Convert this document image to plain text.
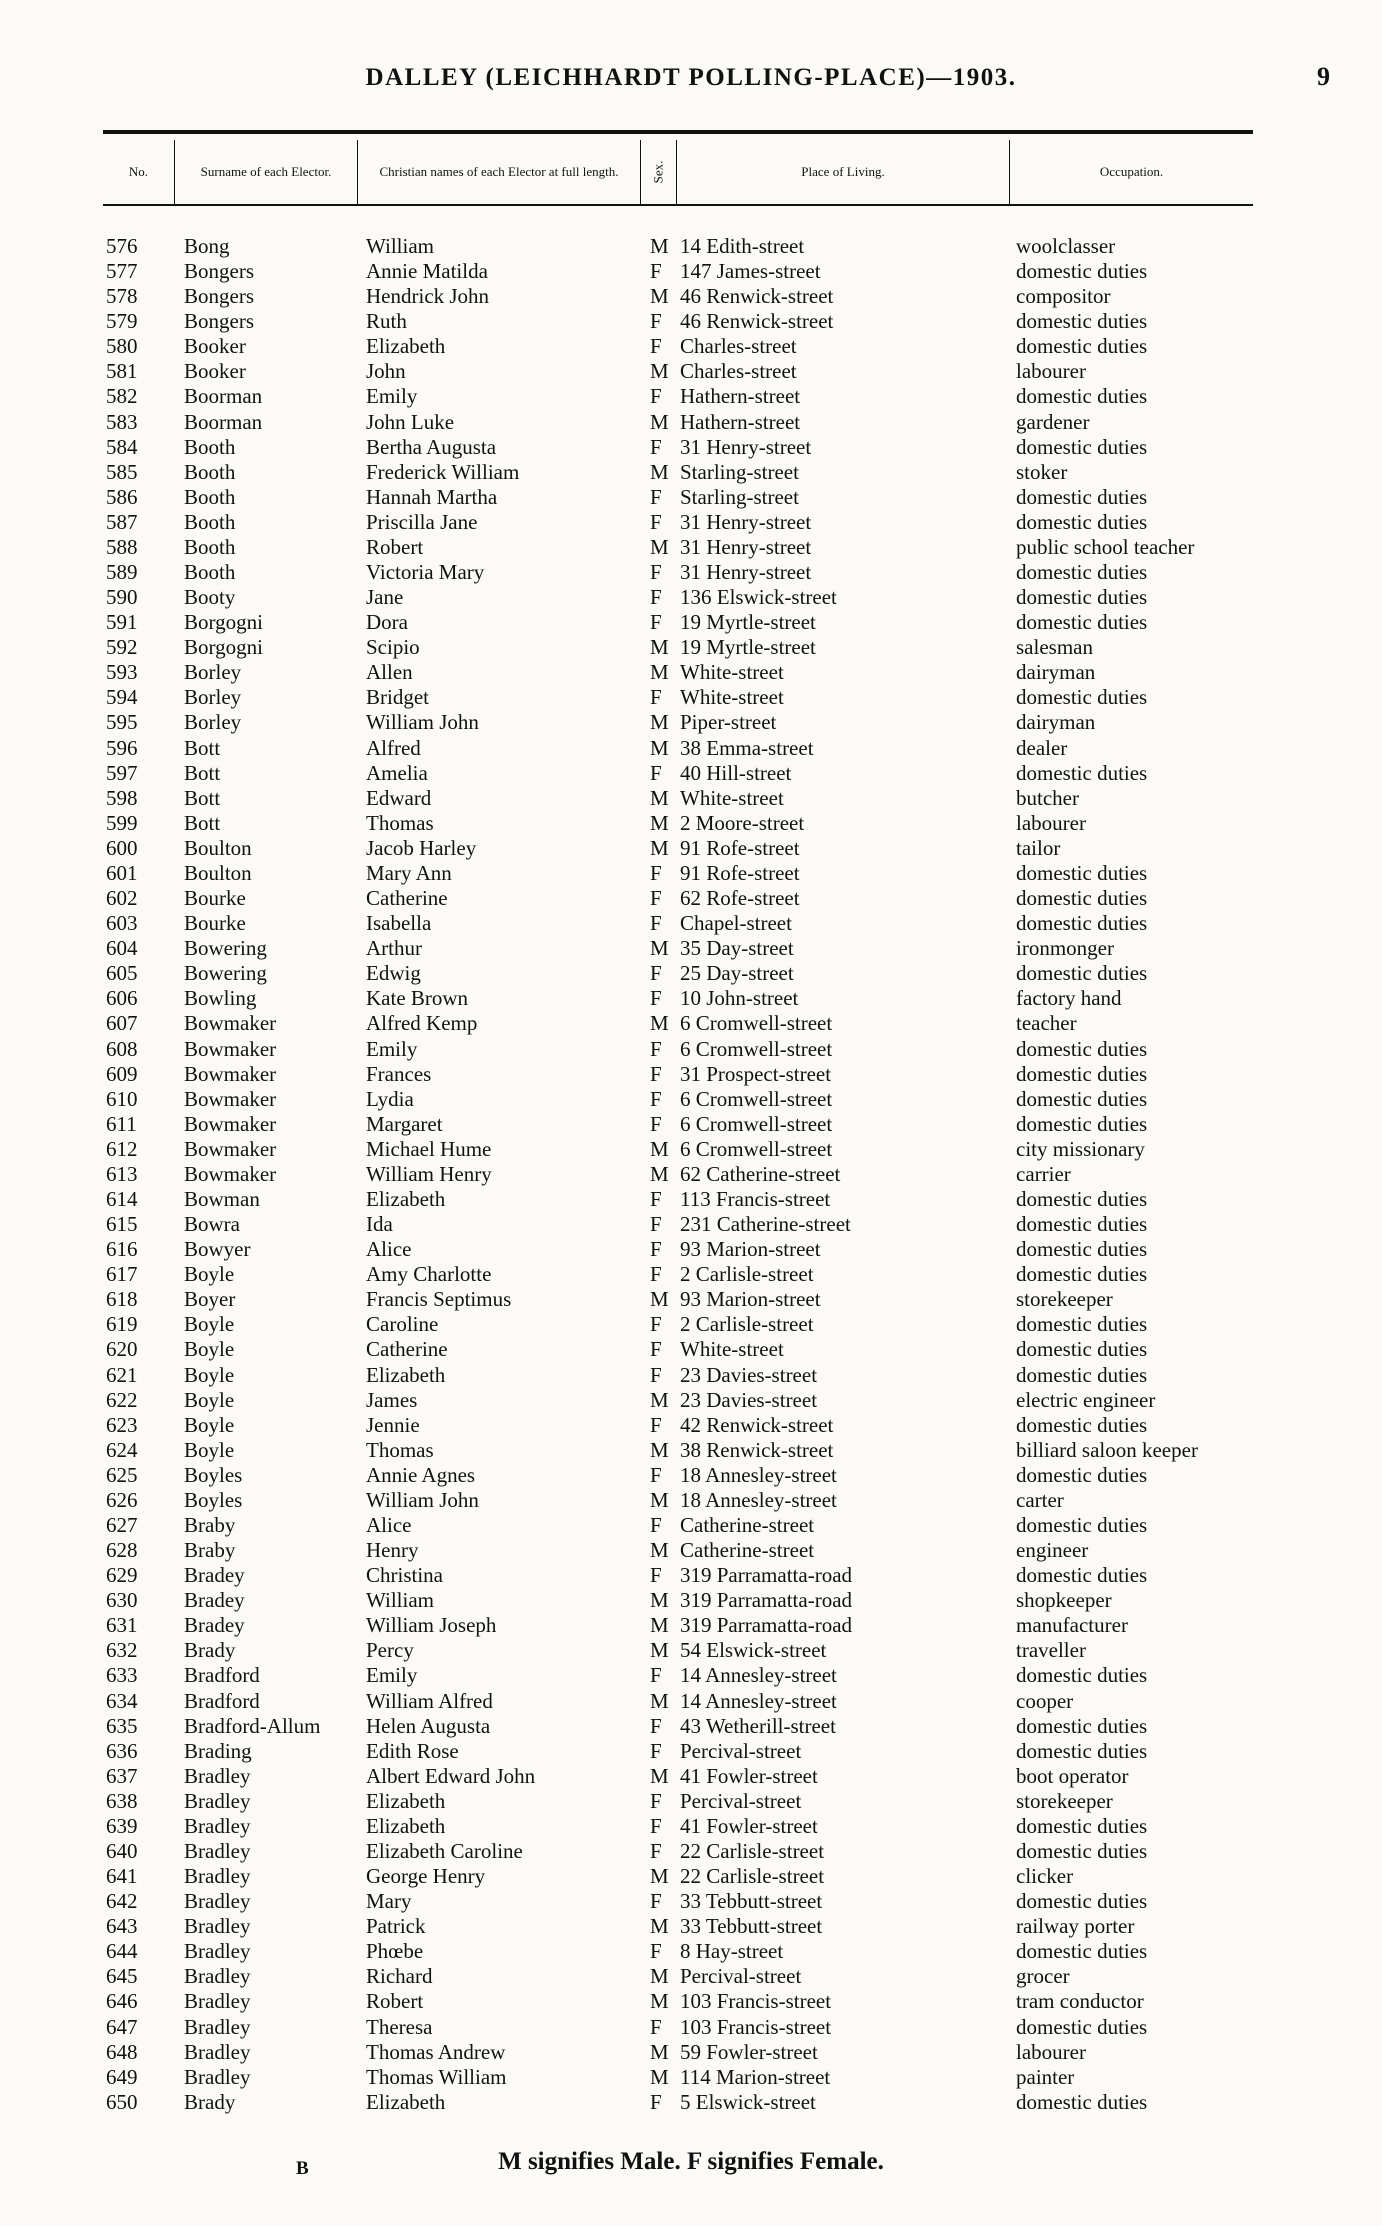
DALLEY (LEICHHARDT POLLING-PLACE)—1903.	9
No.	Surname of each Elector.	Christian names of each Elector at full length.	Sex.	Place of Living.	Occupation.
576	Bong	William	M 14 Edith-street	woolclasser
577	Bongers	Annie Matilda	F 147 James-street	domestic duties
578	Bongers	Hendrick John	M 46 Renwick-street	compositor
579	Bongers	Ruth	F 46 Renwick-street	domestic duties
580	Booker	Elizabeth	F Charles-street	domestic duties
581	Booker	John	M Charles-street	labourer
582	Boorman	Emily	F Hathern-street	domestic duties
583	Boorman	John Luke	M Hathern-street	gardener
584	Booth	Bertha Augusta	F 31 Henry-street	domestic duties
585	Booth	Frederick William	M Starling-street	stoker
586	Booth	Hannah Martha	F Starling-street	domestic duties
587	Booth	Priscilla Jane	F 31 Henry-street	domestic duties
588	Booth	Robert	M 31 Henry-street	public school teacher
589	Booth	Victoria Mary	F 31 Henry-street	domestic duties
590	Booty	Jane	F 136 Elswick-street	domestic duties
591	Borgogni	Dora	F 19 Myrtle-street	domestic duties
592	Borgogni	Scipio	M 19 Myrtle-street	salesman
593	Borley	Allen	M White-street	dairyman
594	Borley	Bridget	F White-street	domestic duties
595	Borley	William John	M Piper-street	dairyman
596	Bott	Alfred	M 38 Emma-street	dealer
597	Bott	Amelia	F 40 Hill-street	domestic duties
598	Bott	Edward	M White-street	butcher
599	Bott	Thomas	M 2 Moore-street	labourer
600	Boulton	Jacob Harley	M 91 Rofe-street	tailor
601	Boulton	Mary Ann	F 91 Rofe-street	domestic duties
602	Bourke	Catherine	F 62 Rofe-street	domestic duties
603	Bourke	Isabella	F Chapel-street	domestic duties
604	Bowering	Arthur	M 35 Day-street	ironmonger
605	Bowering	Edwig	F 25 Day-street	domestic duties
606	Bowling	Kate Brown	F 10 John-street	factory hand
607	Bowmaker	Alfred Kemp	M 6 Cromwell-street	teacher
608	Bowmaker	Emily	F 6 Cromwell-street	domestic duties
609	Bowmaker	Frances	F 31 Prospect-street	domestic duties
610	Bowmaker	Lydia	F 6 Cromwell-street	domestic duties
611	Bowmaker	Margaret	F 6 Cromwell-street	domestic duties
612	Bowmaker	Michael Hume	M 6 Cromwell-street	city missionary
613	Bowmaker	William Henry	M 62 Catherine-street	carrier
614	Bowman	Elizabeth	F 113 Francis-street	domestic duties
615	Bowra	Ida	F 231 Catherine-street	domestic duties
616	Bowyer	Alice	F 93 Marion-street	domestic duties
617	Boyle	Amy Charlotte	F 2 Carlisle-street	domestic duties
618	Boyer	Francis Septimus	M 93 Marion-street	storekeeper
619	Boyle	Caroline	F 2 Carlisle-street	domestic duties
620	Boyle	Catherine	F White-street	domestic duties
621	Boyle	Elizabeth	F 23 Davies-street	domestic duties
622	Boyle	James	M 23 Davies-street	electric engineer
623	Boyle	Jennie	F 42 Renwick-street	domestic duties
624	Boyle	Thomas	M 38 Renwick-street	billiard saloon keeper
625	Boyles	Annie Agnes	F 18 Annesley-street	domestic duties
626	Boyles	William John	M 18 Annesley-street	carter
627	Braby	Alice	F Catherine-street	domestic duties
628	Braby	Henry	M Catherine-street	engineer
629	Bradey	Christina	F 319 Parramatta-road	domestic duties
630	Bradey	William	M 319 Parramatta-road	shopkeeper
631	Bradey	William Joseph	M 319 Parramatta-road	manufacturer
632	Brady	Percy	M 54 Elswick-street	traveller
633	Bradford	Emily	F 14 Annesley-street	domestic duties
634	Bradford	William Alfred	M 14 Annesley-street	cooper
635	Bradford-Allum Helen Augusta	F 43 Wetherill-street	domestic duties
636	Brading	Edith Rose	F Percival-street	domestic duties
637	Bradley	Albert Edward John	M 41 Fowler-street	boot operator
638	Bradley	Elizabeth	F Percival-street	storekeeper
639	Bradley	Elizabeth	F 41 Fowler-street	domestic duties
640	Bradley	Elizabeth Caroline	F 22 Carlisle-street	domestic duties
641	Bradley	George Henry	M 22 Carlisle-street	clicker
642	Bradley	Mary	F 33 Tebbutt-street	domestic duties
643	Bradley	Patrick	M 33 Tebbutt-street	railway porter
644	Bradley	Phœbe	F 8 Hay-street	domestic duties
645	Bradley	Richard	M Percival-street	grocer
646	Bradley	Robert	M 103 Francis-street	tram conductor
647	Bradley	Theresa	F 103 Francis-street	domestic duties
648	Bradley	Thomas Andrew	M 59 Fowler-street	labourer
649	Bradley	Thomas William	M 114 Marion-street	painter
650	Brady	Elizabeth	F 5 Elswick-street	domestic duties
B	M signifies Male. F signifies Female.
